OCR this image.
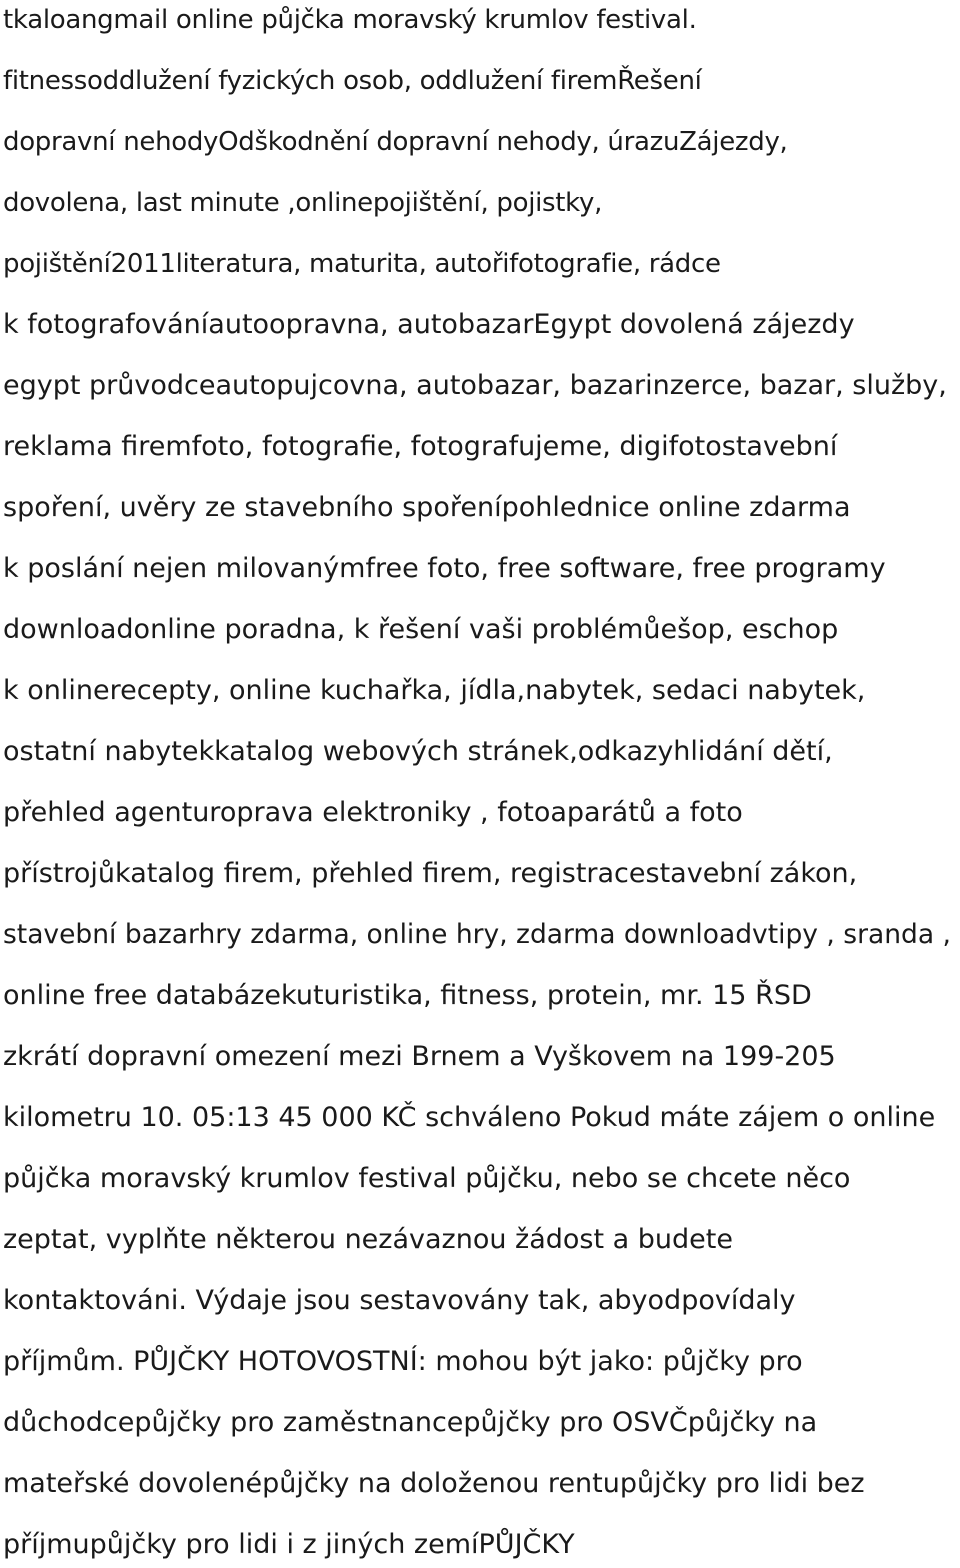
tkaloangmail online půjčka moravský krumlov festival.
fitnessoddlužení fyzických osob, oddlužení firemŘešení
dopravní nehodyOdškodnění dopravní nehody, úrazuZájezdy,
dovolena, last minute ,onlinepojištění, pojistky,
pojištění2011literatura, maturita, autořifotografie, rádce
k fotografováníautoopravna, autobazarEgypt dovolená zájezdy
egypt průvodceautopujcovna, autobazar, bazarinzerce, bazar, služby,
reklama firemfoto, fotografie, fotografujeme, digifotostavební
spoření, uvěry ze stavebního spořenípohlednice online zdarma
k poslání nejen milovanýmfree foto, free software, free programy
downloadonline poradna, k řešení vaši problémůešop, eschop
k onlinerecepty, online kuchařka, jídla,nabytek, sedaci nabytek,
ostatní nabytekkatalog webových stránek,odkazyhlidání dětí,
přehled agenturoprava elektroniky , fotoaparátů a foto
přístrojůkatalog firem, přehled firem, registracestavební zákon,
stavební bazarhry zdarma, online hry, zdarma downloadvtipy , sranda ,
online free databázekuturistika, fitness, protein, mr. 15 ŘSD
zkrátí dopravní omezení mezi Brnem a Vyškovem na 199-205
kilometru 10. 05:13 45 000 KČ schváleno Pokud máte zájem o online
půjčka moravský krumlov festival půjčku, nebo se chcete něco
zeptat, vyplňte některou nezávaznou žádost a budete
kontaktováni. Výdaje jsou sestavovány tak, abyodpovídaly
příjmům. PŮJČKY HOTOVOSTNÍ: mohou být jako: půjčky pro
důchodcepůjčky pro zaměstnancepůjčky pro OSVČpůjčky na
mateřské dovolenépůjčky na doloženou rentupůjčky pro lidi bez
příjmupůjčky pro lidi i z jiných zemíPŮJČKY
